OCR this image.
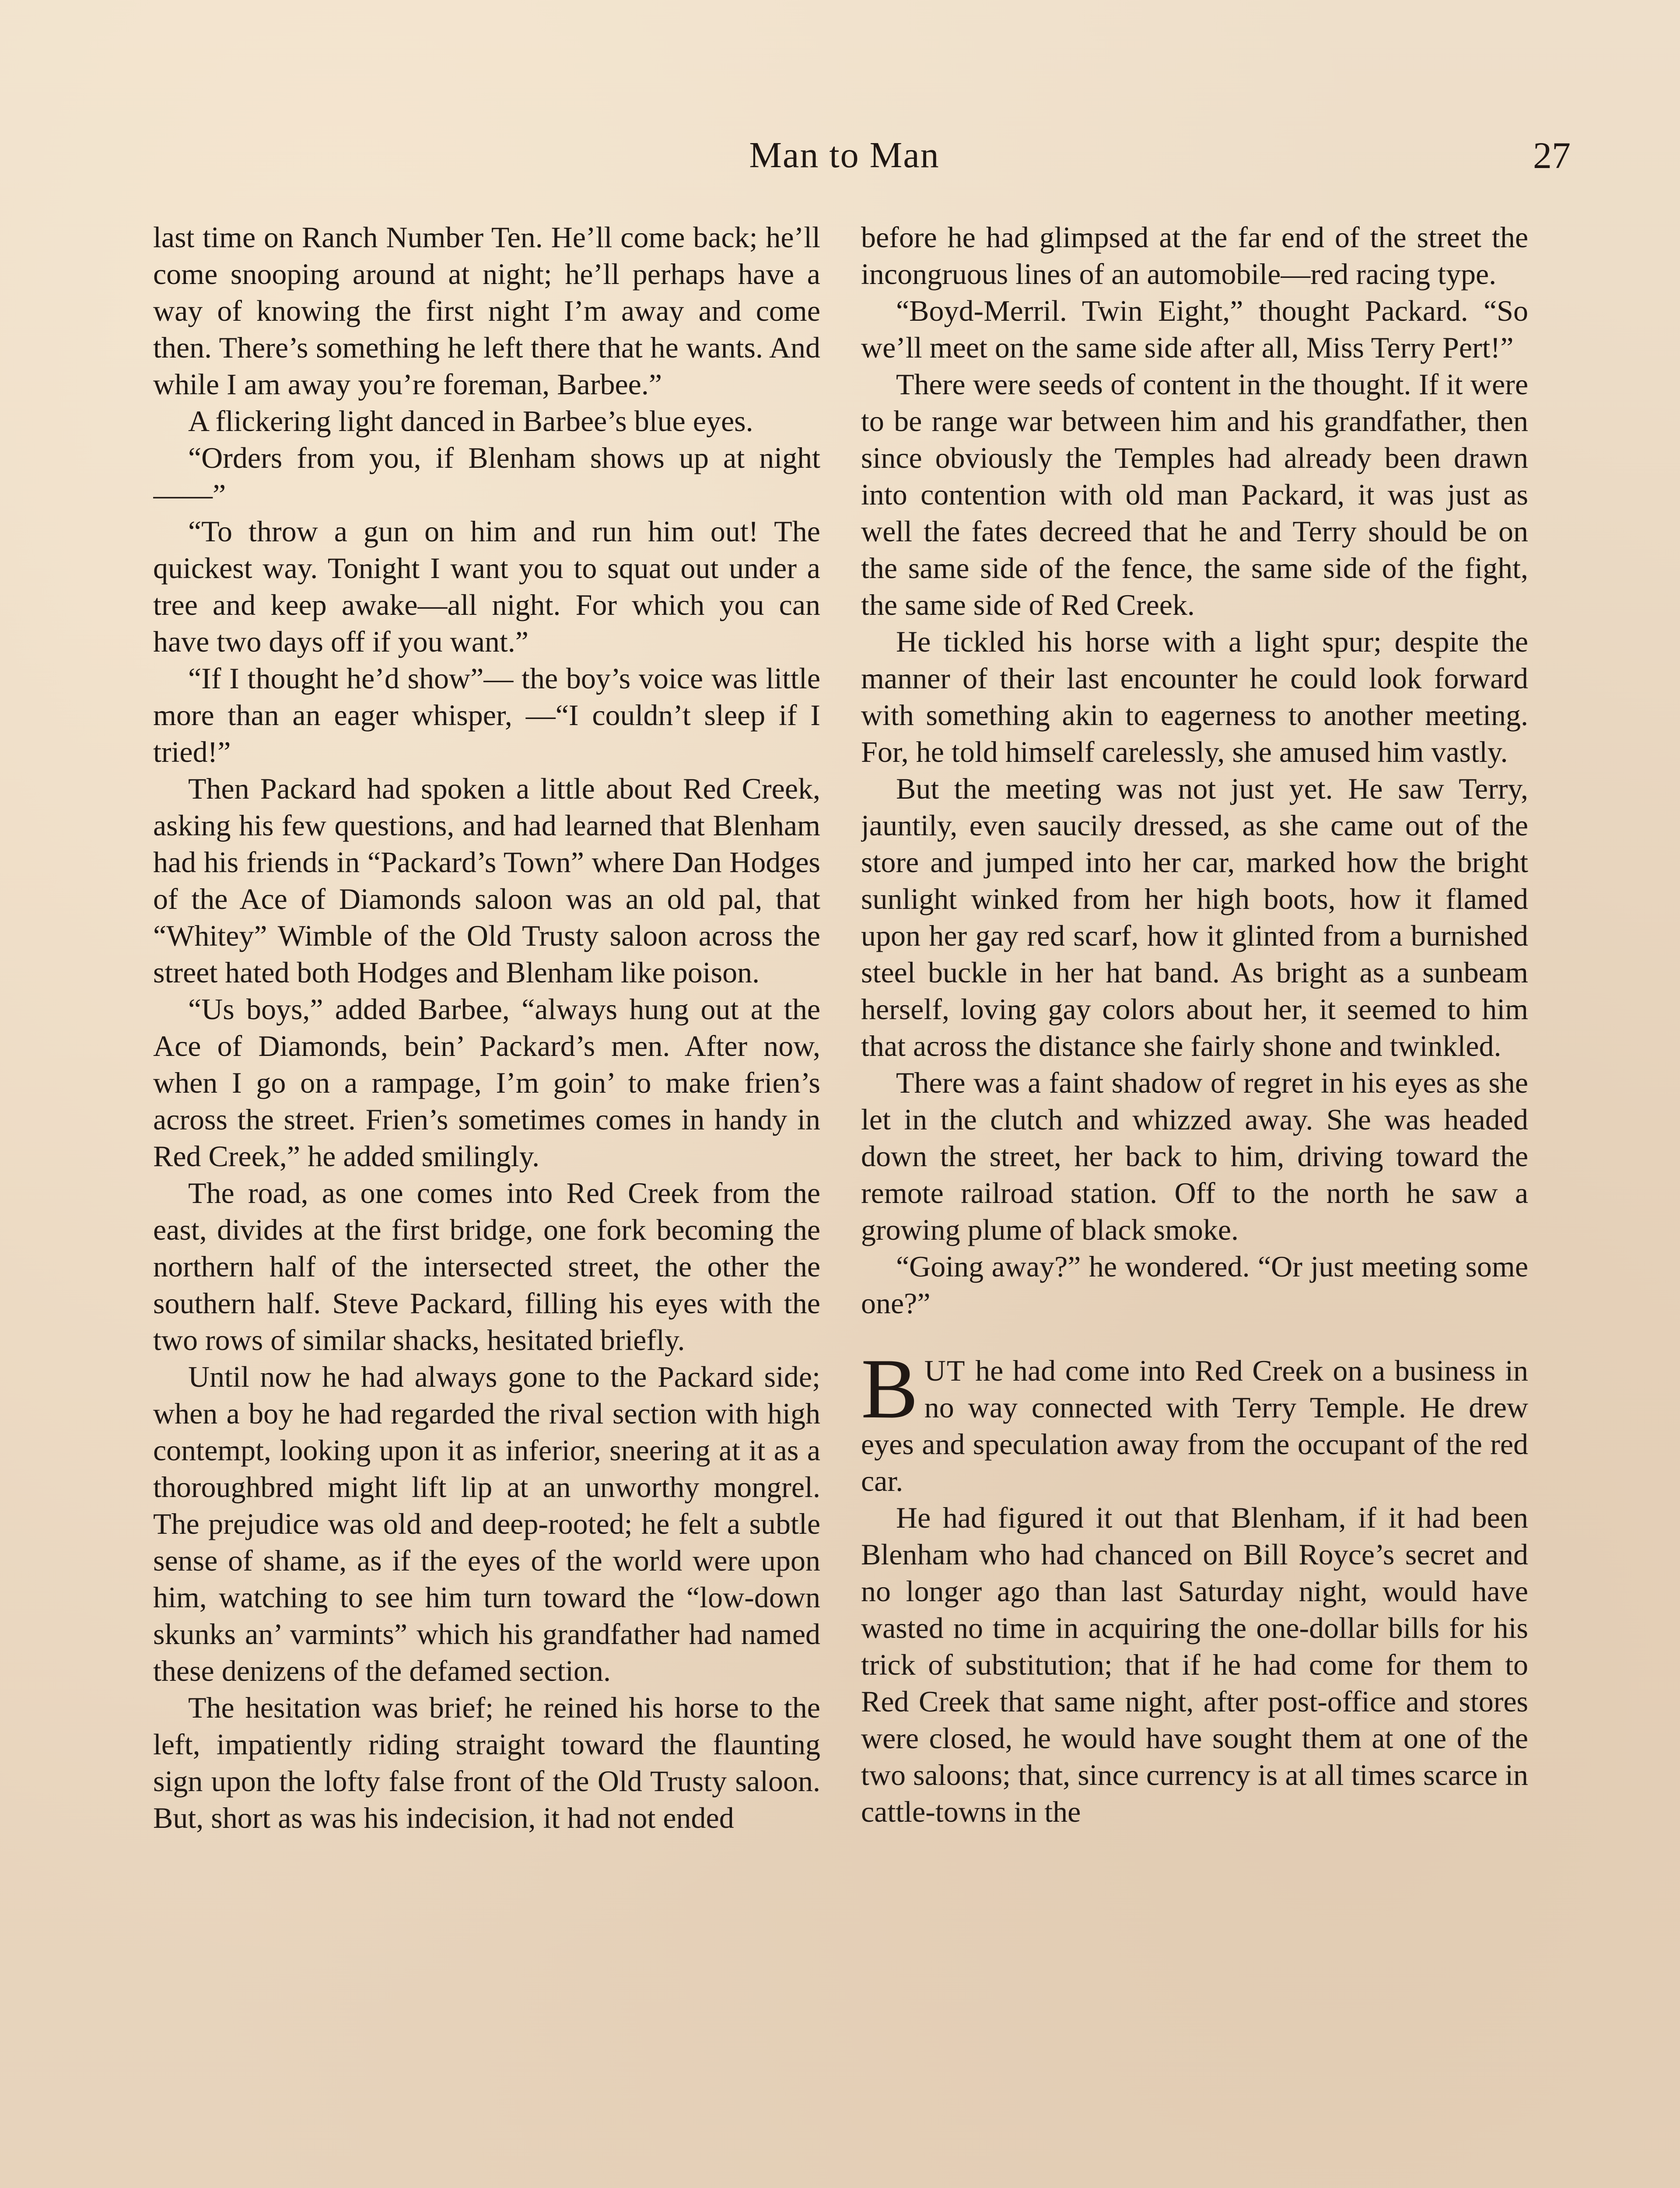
Man to Man	27

last time on Ranch Number Ten. He’ll come back; he’ll come snooping around at night; he’ll perhaps have a way of knowing the first night I’m away and come then. There’s something he left there that he wants. And while I am away you’re foreman, Barbee.”

A flickering light danced in Barbee’s blue eyes.

“Orders from you, if Blenham shows up at night——”

“To throw a gun on him and run him out! The quickest way. Tonight I want you to squat out under a tree and keep awake—all night. For which you can have two days off if you want.”

“If I thought he’d show”— the boy’s voice was little more than an eager whisper, —“I couldn’t sleep if I tried!”

Then Packard had spoken a little about Red Creek, asking his few questions, and had learned that Blenham had his friends in “Packard’s Town” where Dan Hodges of the Ace of Diamonds saloon was an old pal, that “Whitey” Wimble of the Old Trusty saloon across the street hated both Hodges and Blenham like poison.

“Us boys,” added Barbee, “always hung out at the Ace of Diamonds, bein’ Packard’s men. After now, when I go on a rampage, I’m goin’ to make frien’s across the street. Frien’s sometimes comes in handy in Red Creek,” he added smilingly.

The road, as one comes into Red Creek from the east, divides at the first bridge, one fork becoming the northern half of the intersected street, the other the southern half. Steve Packard, filling his eyes with the two rows of similar shacks, hesitated briefly.

Until now he had always gone to the Packard side; when a boy he had regarded the rival section with high contempt, looking upon it as inferior, sneering at it as a thoroughbred might lift lip at an unworthy mongrel. The prejudice was old and deep-rooted; he felt a subtle sense of shame, as if the eyes of the world were upon him, watching to see him turn toward the “low-down skunks an’ varmints” which his grandfather had named these denizens of the defamed section.

The hesitation was brief; he reined his horse to the left, impatiently riding straight toward the flaunting sign upon the lofty false front of the Old Trusty saloon. But, short as was his indecision, it had not ended

before he had glimpsed at the far end of the street the incongruous lines of an automobile—red racing type.

“Boyd-Merril. Twin Eight,” thought Packard. “So we’ll meet on the same side after all, Miss Terry Pert!”

There were seeds of content in the thought. If it were to be range war between him and his grandfather, then since obviously the Temples had already been drawn into contention with old man Packard, it was just as well the fates decreed that he and Terry should be on the same side of the fence, the same side of the fight, the same side of Red Creek.

He tickled his horse with a light spur; despite the manner of their last encounter he could look forward with something akin to eagerness to another meeting. For, he told himself carelessly, she amused him vastly.

But the meeting was not just yet. He saw Terry, jauntily, even saucily dressed, as she came out of the store and jumped into her car, marked how the bright sunlight winked from her high boots, how it flamed upon her gay red scarf, how it glinted from a burnished steel buckle in her hat band. As bright as a sunbeam herself, loving gay colors about her, it seemed to him that across the distance she fairly shone and twinkled.

There was a faint shadow of regret in his eyes as she let in the clutch and whizzed away. She was headed down the street, her back to him, driving toward the remote railroad station. Off to the north he saw a growing plume of black smoke.

“Going away?” he wondered. “Or just meeting some one?”

BUT he had come into Red Creek on a business in no way connected with Terry Temple. He drew eyes and speculation away from the occupant of the red car.

He had figured it out that Blenham, if it had been Blenham who had chanced on Bill Royce’s secret and no longer ago than last Saturday night, would have wasted no time in acquiring the one-dollar bills for his trick of substitution; that if he had come for them to Red Creek that same night, after post-office and stores were closed, he would have sought them at one of the two saloons; that, since currency is at all times scarce in cattle-towns in the
